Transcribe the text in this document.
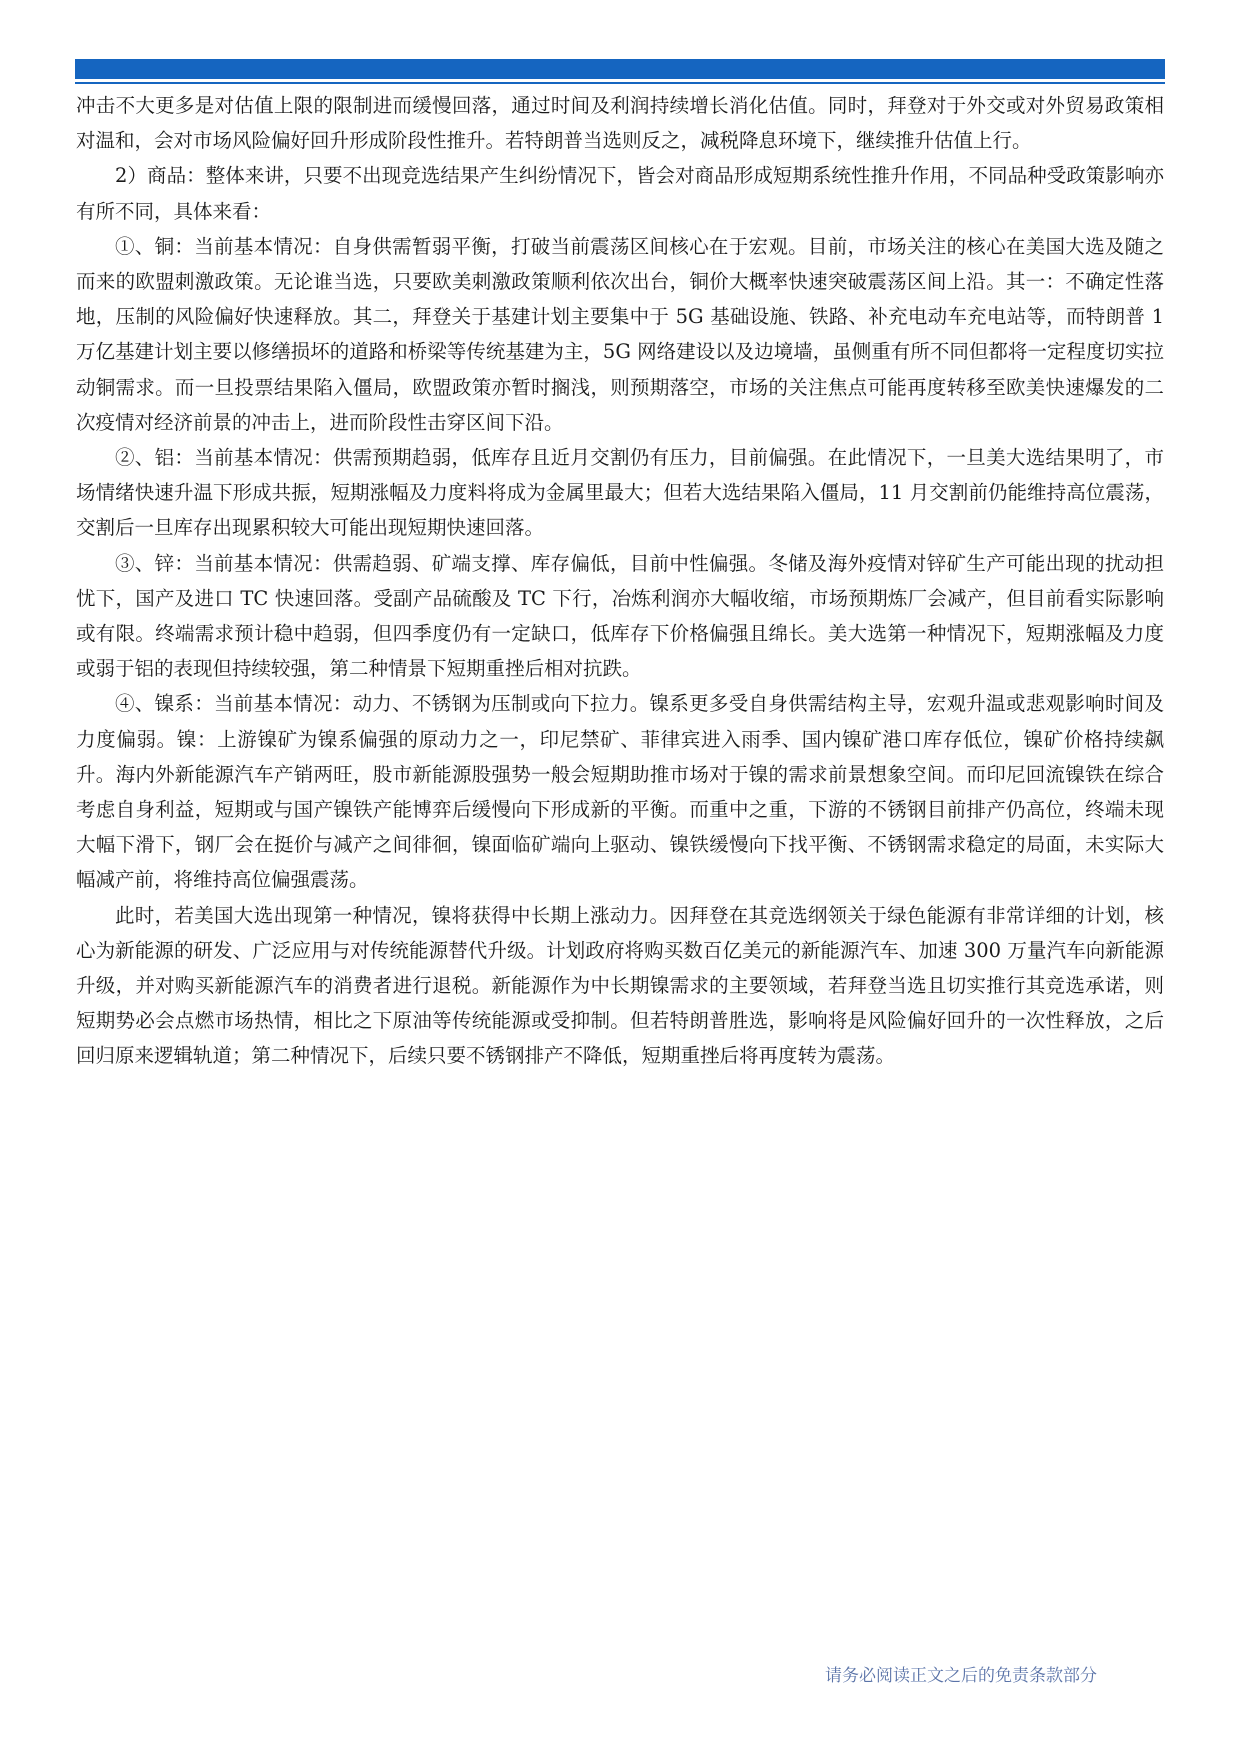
冲击不大更多是对估值上限的限制进而缓慢回落，通过时间及利润持续增长消化估值。同时，拜登对于外交或对外贸易政策相对温和，会对市场风险偏好回升形成阶段性推升。若特朗普当选则反之，减税降息环境下，继续推升估值上行。

2）商品：整体来讲，只要不出现竞选结果产生纠纷情况下，皆会对商品形成短期系统性推升作用，不同品种受政策影响亦有所不同，具体来看：

①、铜：当前基本情况：自身供需暂弱平衡，打破当前震荡区间核心在于宏观。目前，市场关注的核心在美国大选及随之而来的欧盟刺激政策。无论谁当选，只要欧美刺激政策顺利依次出台，铜价大概率快速突破震荡区间上沿。其一：不确定性落地，压制的风险偏好快速释放。其二，拜登关于基建计划主要集中于 5G 基础设施、铁路、补充电动车充电站等，而特朗普 1 万亿基建计划主要以修缮损坏的道路和桥梁等传统基建为主，5G 网络建设以及边境墙，虽侧重有所不同但都将一定程度切实拉动铜需求。而一旦投票结果陷入僵局，欧盟政策亦暂时搁浅，则预期落空，市场的关注焦点可能再度转移至欧美快速爆发的二次疫情对经济前景的冲击上，进而阶段性击穿区间下沿。

②、铝：当前基本情况：供需预期趋弱，低库存且近月交割仍有压力，目前偏强。在此情况下，一旦美大选结果明了，市场情绪快速升温下形成共振，短期涨幅及力度料将成为金属里最大；但若大选结果陷入僵局，11 月交割前仍能维持高位震荡，交割后一旦库存出现累积较大可能出现短期快速回落。

③、锌：当前基本情况：供需趋弱、矿端支撑、库存偏低，目前中性偏强。冬储及海外疫情对锌矿生产可能出现的扰动担忧下，国产及进口 TC 快速回落。受副产品硫酸及 TC 下行，冶炼利润亦大幅收缩，市场预期炼厂会减产，但目前看实际影响或有限。终端需求预计稳中趋弱，但四季度仍有一定缺口，低库存下价格偏强且绵长。美大选第一种情况下，短期涨幅及力度或弱于铝的表现但持续较强，第二种情景下短期重挫后相对抗跌。

④、镍系：当前基本情况：动力、不锈钢为压制或向下拉力。镍系更多受自身供需结构主导，宏观升温或悲观影响时间及力度偏弱。镍：上游镍矿为镍系偏强的原动力之一，印尼禁矿、菲律宾进入雨季、国内镍矿港口库存低位，镍矿价格持续飙升。海内外新能源汽车产销两旺，股市新能源股强势一般会短期助推市场对于镍的需求前景想象空间。而印尼回流镍铁在综合考虑自身利益，短期或与国产镍铁产能博弈后缓慢向下形成新的平衡。而重中之重，下游的不锈钢目前排产仍高位，终端未现大幅下滑下，钢厂会在挺价与减产之间徘徊，镍面临矿端向上驱动、镍铁缓慢向下找平衡、不锈钢需求稳定的局面，未实际大幅减产前，将维持高位偏强震荡。

此时，若美国大选出现第一种情况，镍将获得中长期上涨动力。因拜登在其竞选纲领关于绿色能源有非常详细的计划，核心为新能源的研发、广泛应用与对传统能源替代升级。计划政府将购买数百亿美元的新能源汽车、加速 300 万量汽车向新能源升级，并对购买新能源汽车的消费者进行退税。新能源作为中长期镍需求的主要领域，若拜登当选且切实推行其竞选承诺，则短期势必会点燃市场热情，相比之下原油等传统能源或受抑制。但若特朗普胜选，影响将是风险偏好回升的一次性释放，之后回归原来逻辑轨道；第二种情况下，后续只要不锈钢排产不降低，短期重挫后将再度转为震荡。

请务必阅读正文之后的免责条款部分
